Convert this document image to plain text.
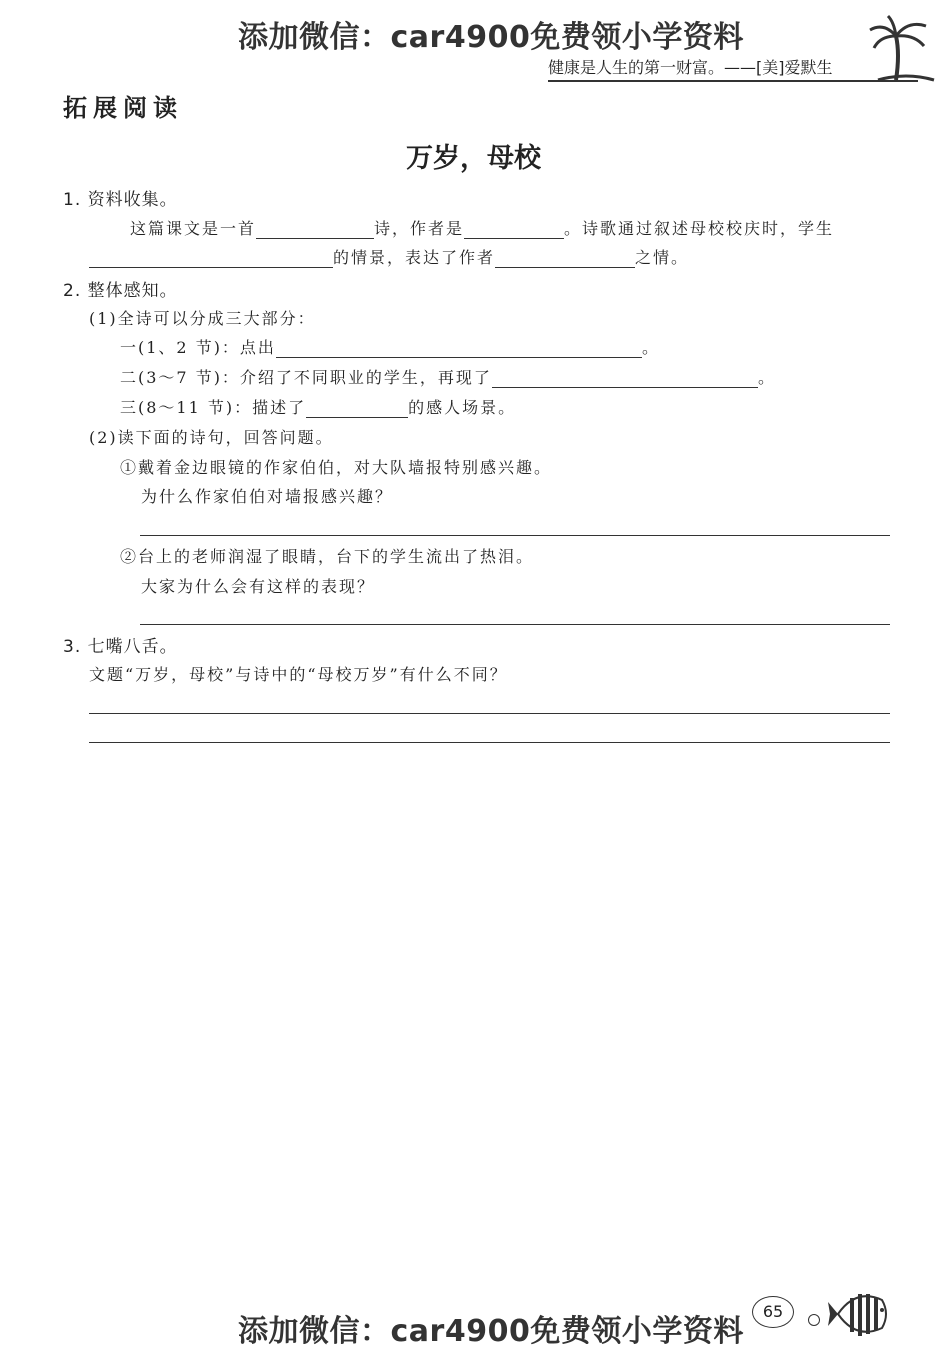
添加微信：car4900免费领小学资料
健康是人生的第一财富。——[美]爱默生
拓展阅读
万岁，母校
1. 资料收集。
这篇课文是一首	诗，作者是	。诗歌通过叙述母校校庆时，学生
的情景，表达了作者	之情。
2. 整体感知。
(1)全诗可以分成三大部分：
一(1、2 节)：点出	。
二(3～7 节)：介绍了不同职业的学生，再现了	。
三(8～11 节)：描述了	的感人场景。
(2)读下面的诗句，回答问题。
①戴着金边眼镜的作家伯伯，对大队墙报特别感兴趣。
为什么作家伯伯对墙报感兴趣？
②台上的老师润湿了眼睛，台下的学生流出了热泪。
大家为什么会有这样的表现？
3. 七嘴八舌。
文题“万岁，母校”与诗中的“母校万岁”有什么不同？
添加微信：car4900免费领小学资料
65
